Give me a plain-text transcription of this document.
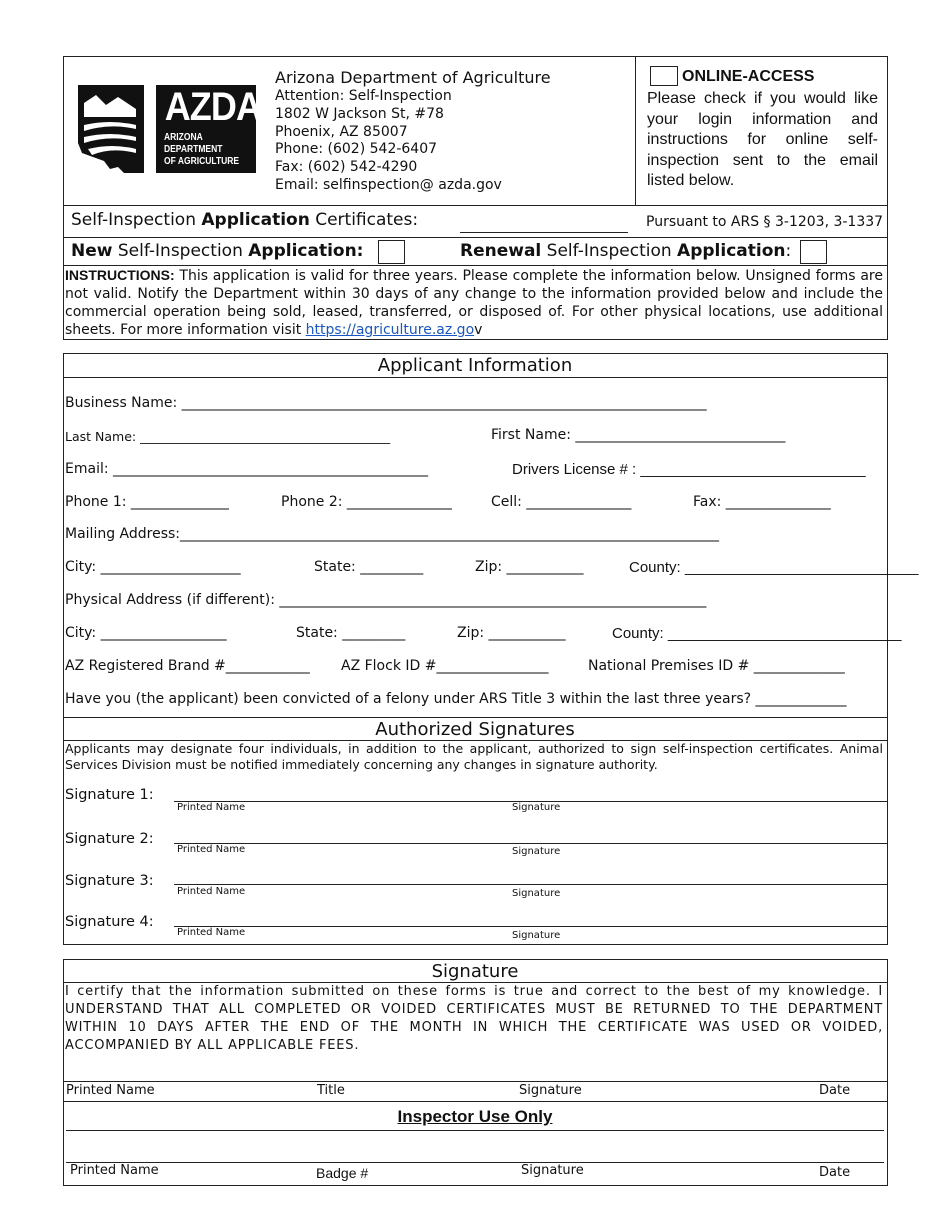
AZDA
ARIZONA
DEPARTMENT
OF AGRICULTURE
Arizona Department of Agriculture
Attention: Self-Inspection
1802 W Jackson St, #78
Phoenix, AZ 85007
Phone: (602) 542-6407
Fax: (602) 542-4290
Email: selfinspection@ azda.gov
ONLINE-ACCESS
Please check if you would like your login information and instructions for online self-inspection sent to the email listed below.
Self-Inspection Application Certificates:	Pursuant to ARS § 3-1203, 3-1337
New Self-Inspection Application:	Renewal Self-Inspection Application:
INSTRUCTIONS: This application is valid for three years. Please complete the information below. Unsigned forms are not valid. Notify the Department within 30 days of any change to the information provided below and include the commercial operation being sold, leased, transferred, or disposed of. For other physical locations, use additional sheets. For more information visit https://agriculture.az.gov
Applicant Information
Business Name: ___________________________________________________________________________
Last Name: ________________________________________	First Name: ______________________________
Email: _____________________________________________	Drivers License # : ___________________________
Phone 1: ______________	Phone 2: _______________	Cell: _______________	Fax: _______________
Mailing Address:_____________________________________________________________________________
City: ____________________	State: _________	Zip: ___________	County: ____________________________
Physical Address (if different): _____________________________________________________________
City: __________________	State: _________	Zip: ___________	County: ____________________________
AZ Registered Brand #____________ AZ Flock ID #________________	National Premises ID # _____________
Have you (the applicant) been convicted of a felony under ARS Title 3 within the last three years? _____________
Authorized Signatures
Applicants may designate four individuals, in addition to the applicant, authorized to sign self-inspection certificates. Animal Services Division must be notified immediately concerning any changes in signature authority.
Signature 1:
Printed Name	Signature
Signature 2:
Printed Name	Signature
Signature 3:
Printed Name	Signature
Signature 4:
Printed Name	Signature
Signature
I certify that the information submitted on these forms is true and correct to the best of my knowledge. I UNDERSTAND THAT ALL COMPLETED OR VOIDED CERTIFICATES MUST BE RETURNED TO THE DEPARTMENT WITHIN 10 DAYS AFTER THE END OF THE MONTH IN WHICH THE CERTIFICATE WAS USED OR VOIDED, ACCOMPANIED BY ALL APPLICABLE FEES.
Printed Name	Title	Signature	Date
Inspector Use Only
Printed Name	Badge #	Signature	Date
